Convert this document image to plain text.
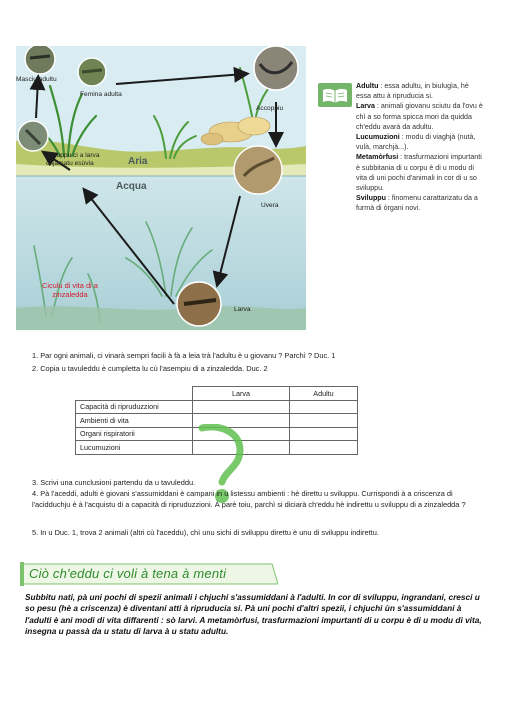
Masciu adultu
Femina adulta
Accoppiu
Sviluppu ci a larva
chjamatu esùvia	Aria
Acqua
Uvera
Larva
Ciculu di vita di a
zinzaledda

Adultu : essa adultu, in biulugìa, hè essa attu à ripruducia si.

Larva : animali giovanu sciutu da l'ovu è chì a so forma spicca mori da quidda ch'eddu avarà da adultu.

Lucumuzioni : modu di viaghjà (nutà, vulà, marchjà...).

Metamòrfusi : trasfurmazioni impurtanti è subbitania di u corpu è di u modu di vita di uni pochi d'animali in cor di u so sviluppu.

Sviluppu : finomenu carattarizatu da a furmà di òrgani novi.

1. Par ogni animali, ci vinarà sempri facili à fà a leia trà l'adultu è u giovanu ? Parchì ? Duc. 1

2. Copia u tavuleddu è cumpletta lu cù l'asempiu di a zinzaledda. Duc. 2

	Larva	Adultu
Capacità di ripruduzzioni		
Ambienti di vita		
Organi rispiratorii		
Lucumuzioni		

3. Scrivi una cunclusioni partendu da u tavuleddu.

4. Pà l'aceddi, adulti è giovani s'assumiddani è campani in u listessu ambienti : hè direttu u sviluppu. Currispondi à a criscenza di l'acidduchju è à l'acquistu di a capacità di ripruduzzioni. À parè toiu, parchì si diciarà ch'eddu hè indirettu u sviluppu di a zinzaledda ?

5. In u Duc. 1, trova 2 animali (altri cù l'aceddu), chì unu sichi di sviluppu direttu è unu di sviluppu indirettu.

Ciò ch'eddu ci voli à tena à menti

Subbitu nati, pà uni pochi di spezii animali i chjuchi s'assumiddani à l'adulti. In cor di sviluppu, ingrandani, cresci u so pesu (hè a criscenza) è diventani atti à ripruducia si. Pà uni pochi d'altri spezii, i chjuchi ùn s'assumiddani à l'adulti è ani modi di vita diffarenti : sò larvi. A metamòrfusi, trasfurmazioni impurtanti di u corpu è di u modu di vita, insegna u passà da u statu di larva à u statu adultu.
